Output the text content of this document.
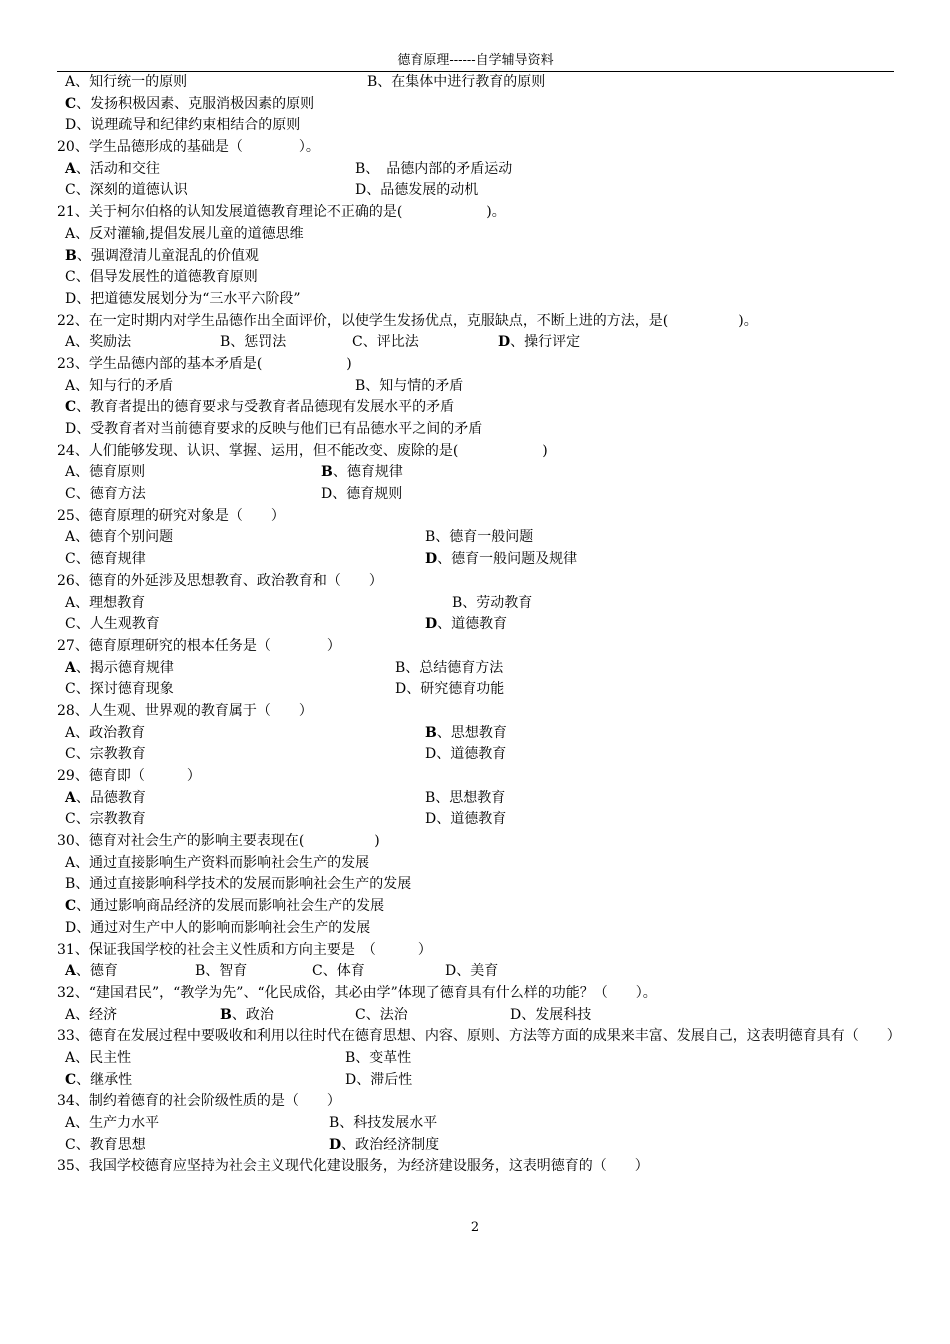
德育原理------自学辅导资料
A、知行统一的原则	B、在集体中进行教育的原则
C、发扬积极因素、克服消极因素的原则
D、说理疏导和纪律约束相结合的原则
20、学生品德形成的基础是（　　　　）。
A、活动和交往	B、　品德内部的矛盾运动
C、深刻的道德认识	D、品德发展的动机
21、关于柯尔伯格的认知发展道德教育理论不正确的是(　　　　　　)。
A、反对灌输,提倡发展儿童的道德思维
B、强调澄清儿童混乱的价值观
C、倡导发展性的道德教育原则
D、把道德发展划分为“三水平六阶段”
22、在一定时期内对学生品德作出全面评价，以使学生发扬优点，克服缺点，不断上进的方法，是(　　　　　)。
A、奖励法	B、惩罚法	C、评比法	D、操行评定
23、学生品德内部的基本矛盾是(　　　　　　)
A、知与行的矛盾	B、知与情的矛盾
C、教育者提出的德育要求与受教育者品德现有发展水平的矛盾
D、受教育者对当前德育要求的反映与他们已有品德水平之间的矛盾
24、人们能够发现、认识、掌握、运用，但不能改变、废除的是(　　　　　　)
A、德育原则	B、德育规律
C、德育方法	D、德育规则
25、德育原理的研究对象是（　　）
A、德育个别问题	B、德育一般问题
C、德育规律	D、德育一般问题及规律
26、德育的外延涉及思想教育、政治教育和（　　）
A、理想教育	B、劳动教育
C、人生观教育	D、道德教育
27、德育原理研究的根本任务是（　　　　）
A、揭示德育规律	B、总结德育方法
C、探讨德育现象	D、研究德育功能
28、人生观、世界观的教育属于（　　）
A、政治教育	B、思想教育
C、宗教教育	D、道德教育
29、德育即（　　　）
A、品德教育	B、思想教育
C、宗教教育	D、道德教育
30、德育对社会生产的影响主要表现在(　　　　　)
A、通过直接影响生产资料而影响社会生产的发展
B、通过直接影响科学技术的发展而影响社会生产的发展
C、通过影响商品经济的发展而影响社会生产的发展
D、通过对生产中人的影响而影响社会生产的发展
31、保证我国学校的社会主义性质和方向主要是　（　　　）
A、德育	B、智育	C、体育	D、美育
32、“建国君民”，“教学为先”、“化民成俗，其必由学”体现了德育具有什么样的功能？（　　）。
A、经济	B、政治	C、法治	D、发展科技
33、德育在发展过程中要吸收和利用以往时代在德育思想、内容、原则、方法等方面的成果来丰富、发展自己，这表明德育具有（　　）
A、民主性	B、变革性
C、继承性	D、滞后性
34、制约着德育的社会阶级性质的是（　　）
A、生产力水平	B、科技发展水平
C、教育思想	D、政治经济制度
35、我国学校德育应坚持为社会主义现代化建设服务，为经济建设服务，这表明德育的（　　）
2
